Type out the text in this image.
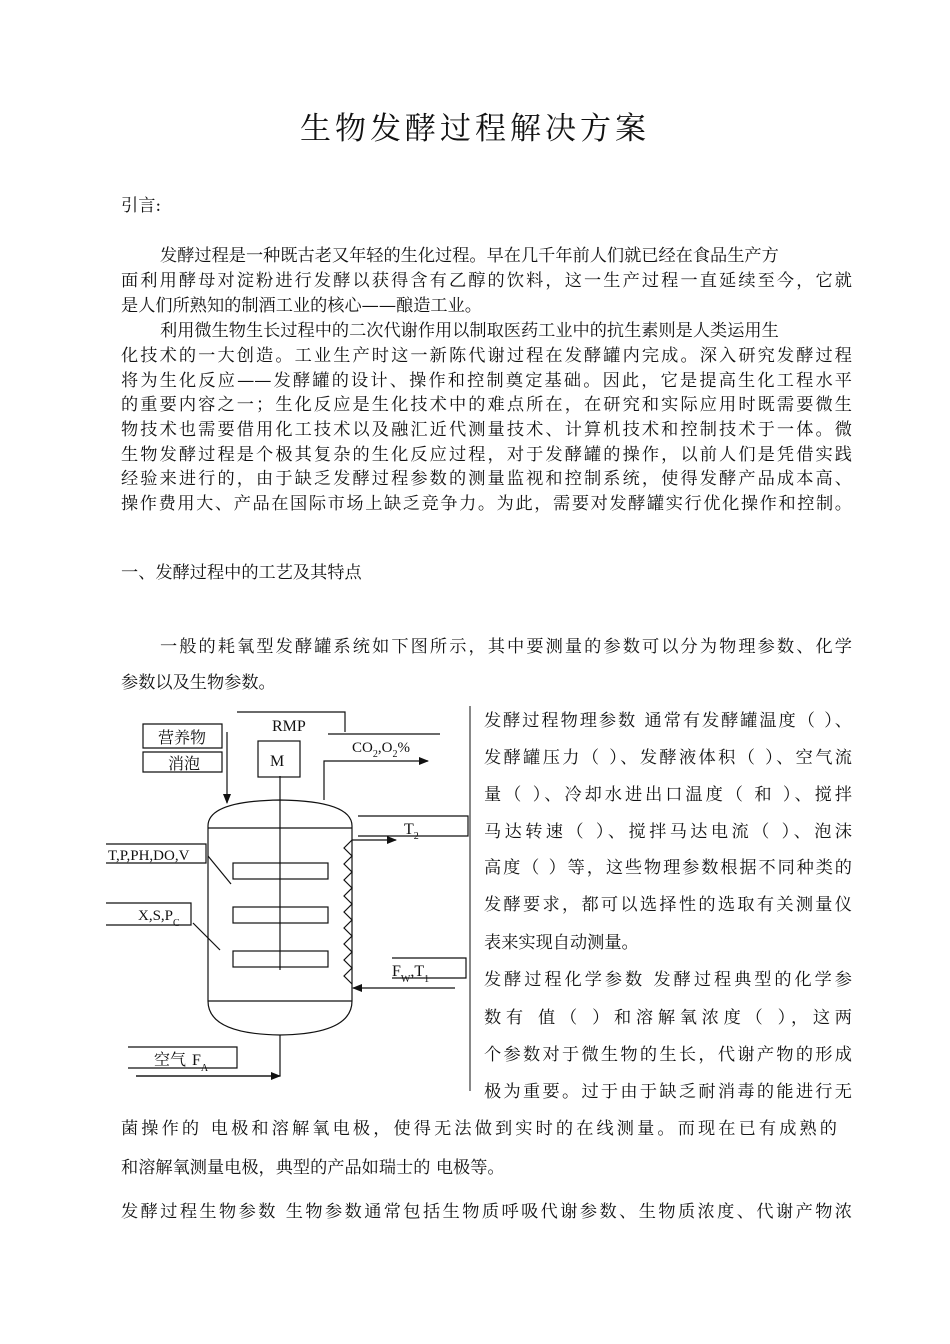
生物发酵过程解决方案
引言:
发酵过程是一种既古老又年轻的生化过程。早在几千年前人们就已经在食品生产方
面利用酵母对淀粉进行发酵以获得含有乙醇的饮料，这一生产过程一直延续至今，它就
是人们所熟知的制酒工业的核心——酿造工业。
利用微生物生长过程中的二次代谢作用以制取医药工业中的抗生素则是人类运用生
化技术的一大创造。工业生产时这一新陈代谢过程在发酵罐内完成。深入研究发酵过程
将为生化反应——发酵罐的设计、操作和控制奠定基础。因此，它是提高生化工程水平
的重要内容之一；生化反应是生化技术中的难点所在，在研究和实际应用时既需要微生
物技术也需要借用化工技术以及融汇近代测量技术、计算机技术和控制技术于一体。微
生物发酵过程是个极其复杂的生化反应过程，对于发酵罐的操作，以前人们是凭借实践
经验来进行的，由于缺乏发酵过程参数的测量监视和控制系统，使得发酵产品成本高、
操作费用大、产品在国际市场上缺乏竞争力。为此，需要对发酵罐实行优化操作和控制。
一、发酵过程中的工艺及其特点
一般的耗氧型发酵罐系统如下图所示，其中要测量的参数可以分为物理参数、化学
参数以及生物参数。
RMP
M
营养物
消泡
$CO_2,O_2\%$
$T_2$
T,P,PH,DO,V
$X,S,P_C$
$F_W,T_1$
空气 $F_A$
发酵过程物理参数 通常有发酵罐温度（ ）、
发酵罐压力（ ）、发酵液体积（ ）、空气流
量（ ）、冷却水进出口温度（ 和 ）、搅拌
马达转速（ ）、搅拌马达电流（ ）、泡沫
高度（ ）等，这些物理参数根据不同种类的
发酵要求，都可以选择性的选取有关测量仪
表来实现自动测量。
发酵过程化学参数 发酵过程典型的化学参
数有 值（ ）和溶解氧浓度（ ），这两
个参数对于微生物的生长，代谢产物的形成
极为重要。过于由于缺乏耐消毒的能进行无
菌操作的 电极和溶解氧电极，使得无法做到实时的在线测量。而现在已有成熟的
和溶解氧测量电极，典型的产品如瑞士的 电极等。
发酵过程生物参数 生物参数通常包括生物质呼吸代谢参数、生物质浓度、代谢产物浓
